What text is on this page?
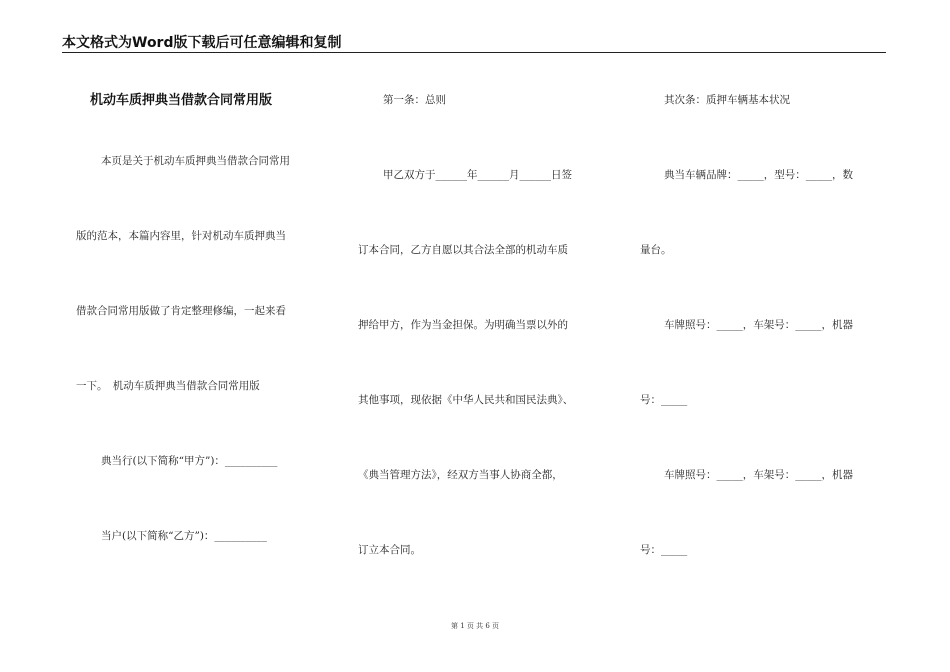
本文格式为Word版下载后可任意编辑和复制
机动车质押典当借款合同常用版
本页是关于机动车质押典当借款合同常用
版的范本，本篇内容里，针对机动车质押典当
借款合同常用版做了肯定整理修编，一起来看
一下。　机动车质押典当借款合同常用版
典当行(以下简称“甲方”)：__________
当户(以下简称“乙方”)：__________
第一条：总则
甲乙双方于______年______月______日签
订本合同，乙方自愿以其合法全部的机动车质
押给甲方，作为当金担保。为明确当票以外的
其他事项，现依据《中华人民共和国民法典》、
《典当管理方法》，经双方当事人协商全都，
订立本合同。
其次条：质押车辆基本状况
典当车辆品牌：_____，型号：_____，数
量台。
车牌照号：_____，车架号：_____，机器
号：_____
车牌照号：_____，车架号：_____，机器
号：_____
第 1 页 共 6 页
